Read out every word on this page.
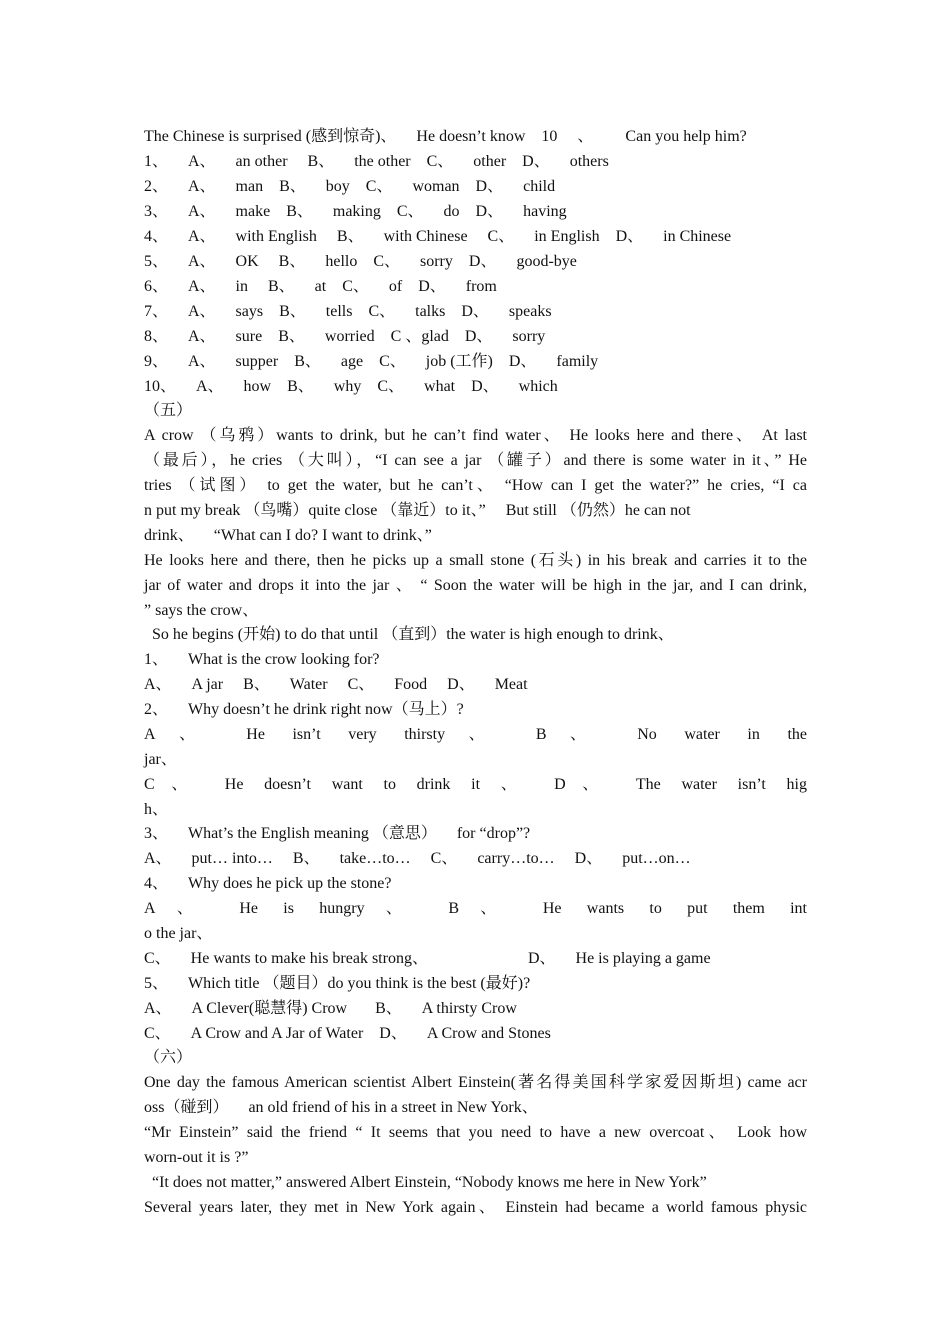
The Chinese is surprised (感到惊奇)、     He doesn’t know    10     、        Can you help him?
1、     A、     an other     B、     the other    C、     other    D、     others
2、     A、     man    B、     boy    C、     woman    D、     child
3、     A、     make    B、     making    C、     do    D、     having
4、     A、     with English     B、     with Chinese     C、     in English    D、     in Chinese
5、     A、     OK     B、     hello    C、     sorry    D、     good-bye
6、     A、     in     B、     at    C、     of    D、     from
7、     A、     says    B、     tells    C、     talks    D、     speaks
8、     A、     sure    B、     worried    C 、glad    D、     sorry
9、     A、     supper    B、     age    C、     job (工作)    D、     family
10、     A、     how    B、     why    C、     what    D、     which
（五）
A crow （乌鸦）wants to drink, but he can’t find water、 He looks here and there、 At last
（最后），he cries （大叫），“I can see a jar （罐子）and there is some water in it、” He
tries （试图） to get the water, but he can’t、 “How can I get the water?” he cries, “I ca
n put my break （鸟嘴）quite close （靠近）to it、”     But still （仍然）he can not
drink、     “What can I do? I want to drink、”
He looks here and there, then he picks up a small stone (石头) in his break and carries it to the
jar of water and drops it into the jar 、 “ Soon the water will be high in the jar, and I can drink,
” says the crow、
So he begins (开始) to do that until （直到）the water is high enough to drink、
1、     What is the crow looking for?
A、     A jar     B、     Water     C、     Food     D、     Meat
2、     Why doesn’t he drink right now（马上）?
A、 He isn’t very thirsty、 B、 No water in the
jar、
C、 He doesn’t want to drink it 、 D、 The water isn’t hig
h、
3、     What’s the English meaning （意思）     for “drop”?
A、     put… into…     B、     take…to…     C、     carry…to…     D、     put…on…
4、     Why does he pick up the stone?
A、 He is hungry、 B、 He wants to put them int
o the jar、
C、     He wants to make his break strong、                         D、     He is playing a game
5、     Which title （题目）do you think is the best (最好)?
A、     A Clever(聪慧得) Crow       B、     A thirsty Crow
C、     A Crow and A Jar of Water    D、     A Crow and Stones
（六）
One day the famous American scientist Albert Einstein(著名得美国科学家爱因斯坦) came acr
oss（碰到）     an old friend of his in a street in New York、
“Mr Einstein” said the friend “ It seems that you need to have a new overcoat、 Look how
worn-out it is ?”
“It does not matter,” answered Albert Einstein, “Nobody knows me here in New York”
Several years later, they met in New York again、 Einstein had became a world famous physic
